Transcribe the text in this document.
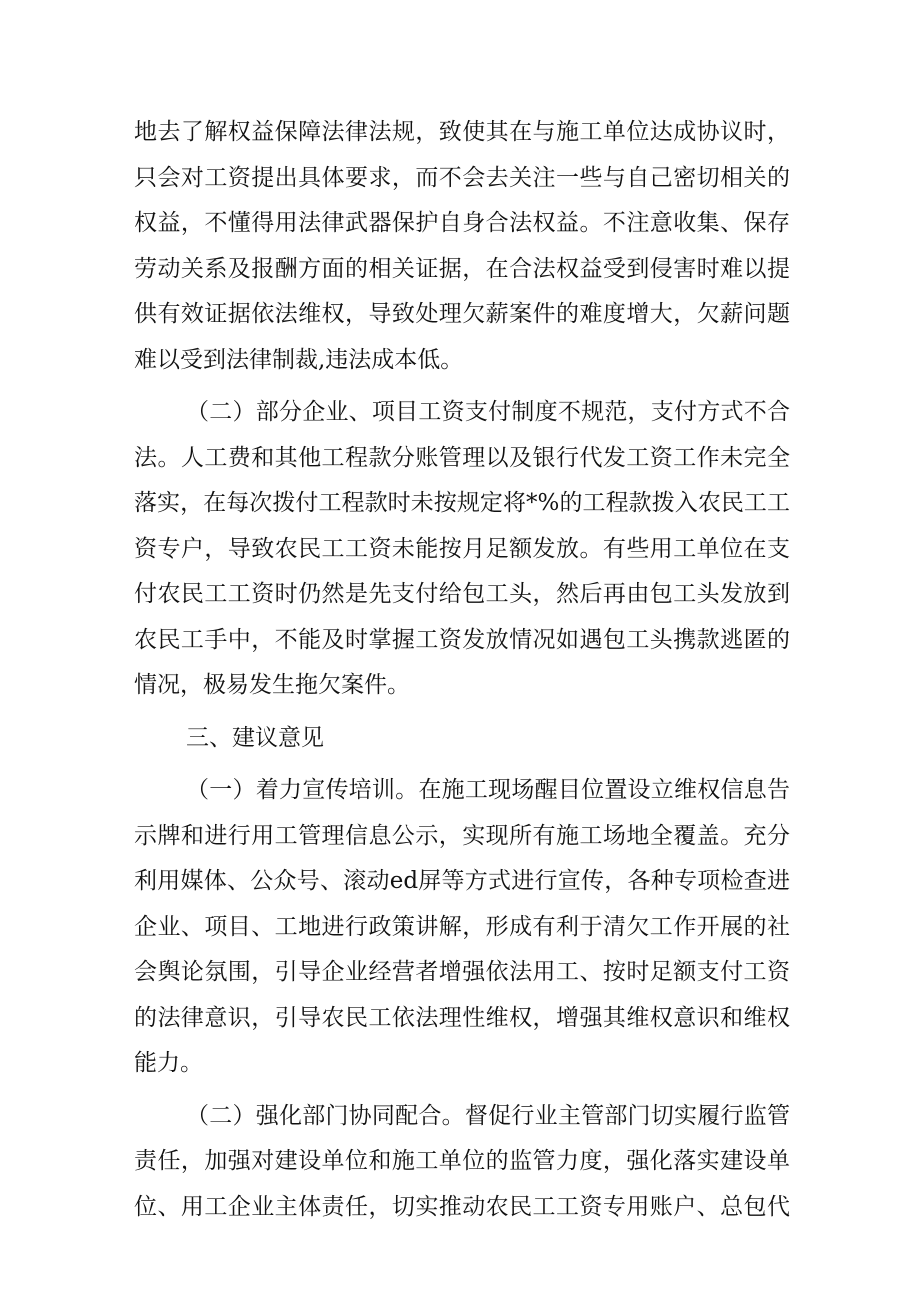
地去了解权益保障法律法规，致使其在与施工单位达成协议时，
只会对工资提出具体要求，而不会去关注一些与自己密切相关的
权益，不懂得用法律武器保护自身合法权益。不注意收集、保存
劳动关系及报酬方面的相关证据，在合法权益受到侵害时难以提
供有效证据依法维权，导致处理欠薪案件的难度增大，欠薪问题
难以受到法律制裁,违法成本低。
（二）部分企业、项目工资支付制度不规范，支付方式不合
法。人工费和其他工程款分账管理以及银行代发工资工作未完全
落实，在每次拨付工程款时未按规定将*%的工程款拨入农民工工
资专户，导致农民工工资未能按月足额发放。有些用工单位在支
付农民工工资时仍然是先支付给包工头，然后再由包工头发放到
农民工手中，不能及时掌握工资发放情况如遇包工头携款逃匿的
情况，极易发生拖欠案件。
三、建议意见
（一）着力宣传培训。在施工现场醒目位置设立维权信息告
示牌和进行用工管理信息公示，实现所有施工场地全覆盖。充分
利用媒体、公众号、滚动ed屏等方式进行宣传，各种专项检查进
企业、项目、工地进行政策讲解，形成有利于清欠工作开展的社
会舆论氛围，引导企业经营者增强依法用工、按时足额支付工资
的法律意识，引导农民工依法理性维权，增强其维权意识和维权
能力。
（二）强化部门协同配合。督促行业主管部门切实履行监管
责任，加强对建设单位和施工单位的监管力度，强化落实建设单
位、用工企业主体责任，切实推动农民工工资专用账户、总包代
